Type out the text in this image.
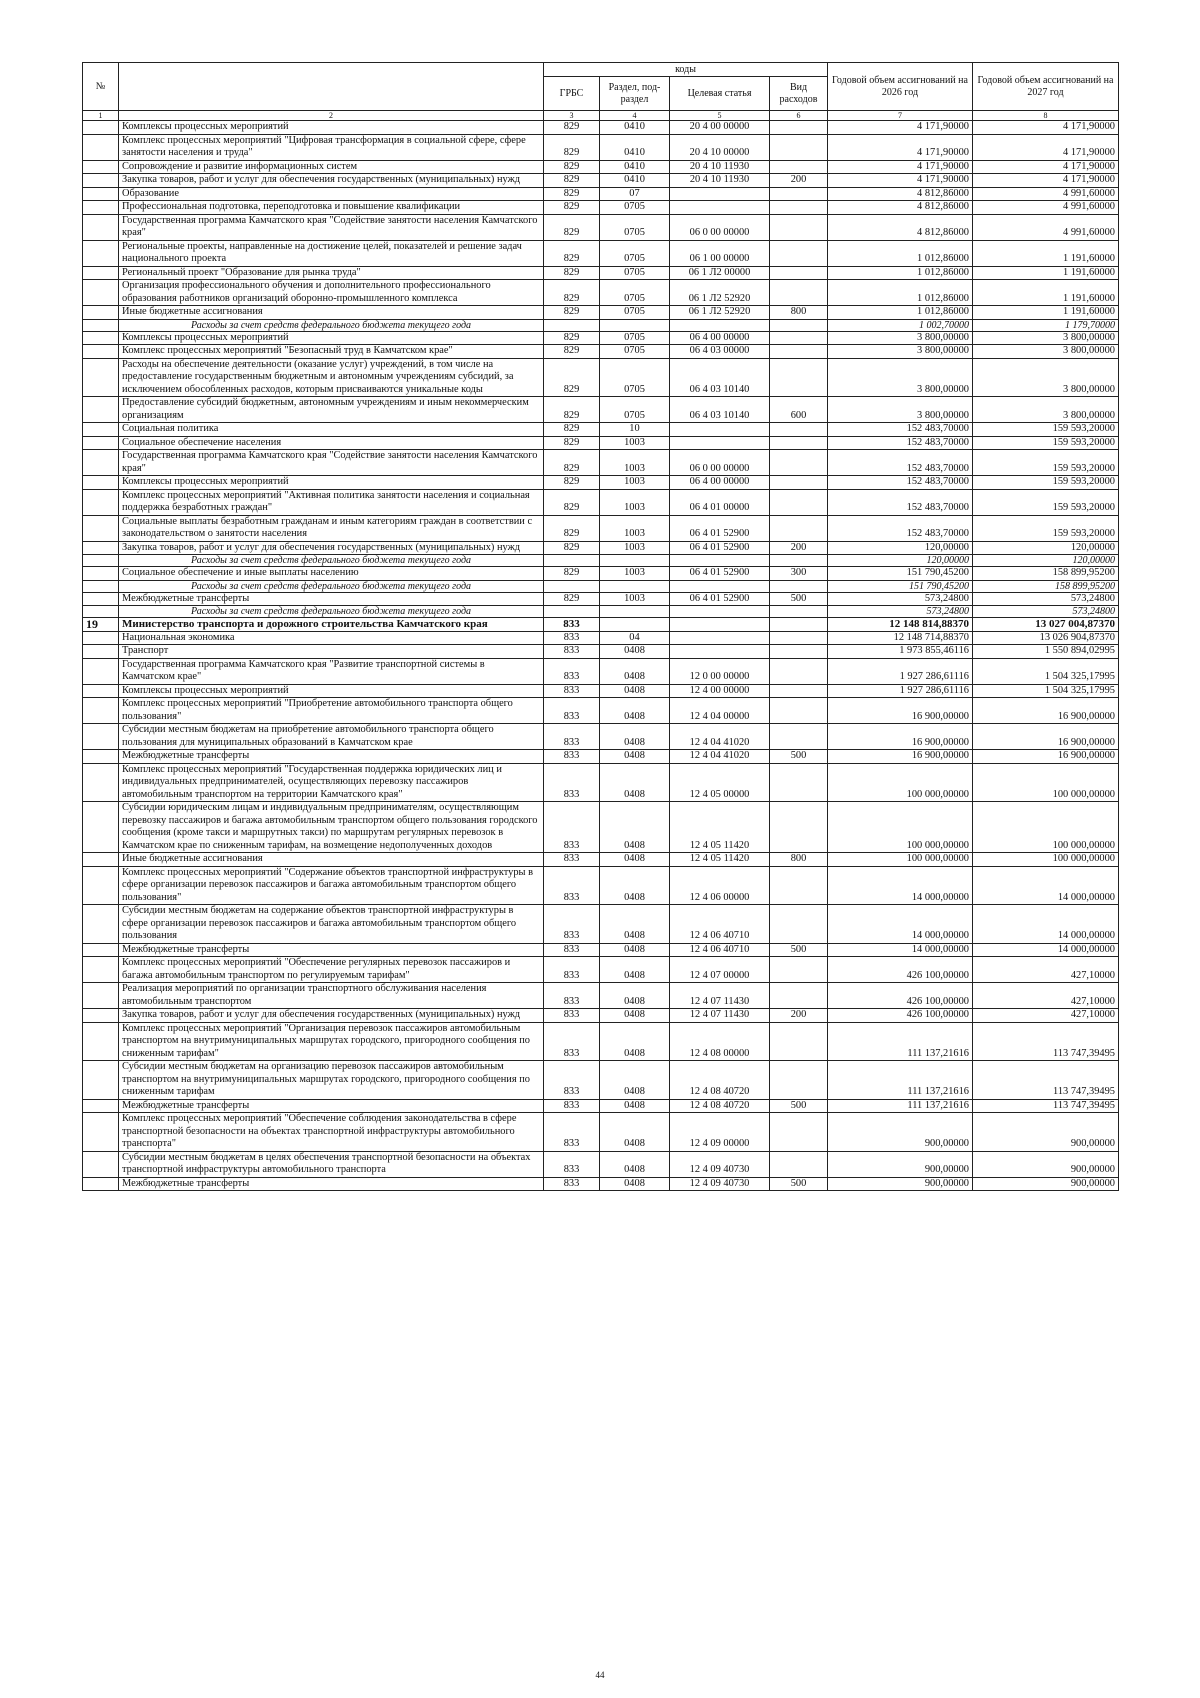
№		коды				Годовой объем ассигнований на 2026 год	Годовой объем ассигнований на 2027 год
		ГРБС	Раздел, под-раздел	Целевая статья	Вид расходов		
1	2	3	4	5	6	7	8
	Комплексы процессных мероприятий	829	0410	20 4 00 00000		4 171,90000	4 171,90000
	Комплекс процессных мероприятий "Цифровая трансформация в социальной сфере, сфере занятости населения и труда"	829	0410	20 4 10 00000		4 171,90000	4 171,90000
	Сопровождение и развитие информационных систем	829	0410	20 4 10 11930		4 171,90000	4 171,90000
	Закупка товаров, работ и услуг для обеспечения государственных (муниципальных) нужд	829	0410	20 4 10 11930	200	4 171,90000	4 171,90000
	Образование	829	07			4 812,86000	4 991,60000
	Профессиональная подготовка, переподготовка и повышение квалификации	829	0705			4 812,86000	4 991,60000
	Государственная программа Камчатского края "Содействие занятости населения Камчатского края"	829	0705	06 0 00 00000		4 812,86000	4 991,60000
	Региональные проекты, направленные на достижение целей, показателей и решение задач национального проекта	829	0705	06 1 00 00000		1 012,86000	1 191,60000
	Региональный проект "Образование для рынка труда"	829	0705	06 1 Л2 00000		1 012,86000	1 191,60000
	Организация профессионального обучения и дополнительного профессионального образования работников организаций оборонно-промышленного комплекса	829	0705	06 1 Л2 52920		1 012,86000	1 191,60000
	Иные бюджетные ассигнования	829	0705	06 1 Л2 52920	800	1 012,86000	1 191,60000
	Расходы за счет средств федерального бюджета текущего года					1 002,70000	1 179,70000
	Комплексы процессных мероприятий	829	0705	06 4 00 00000		3 800,00000	3 800,00000
	Комплекс процессных мероприятий "Безопасный труд в Камчатском крае"	829	0705	06 4 03 00000		3 800,00000	3 800,00000
	Расходы на обеспечение деятельности (оказание услуг) учреждений, в том числе на предоставление государственным бюджетным и автономным учреждениям субсидий, за исключением обособленных расходов, которым присваиваются уникальные коды	829	0705	06 4 03 10140		3 800,00000	3 800,00000
	Предоставление субсидий бюджетным, автономным учреждениям и иным некоммерческим организациям	829	0705	06 4 03 10140	600	3 800,00000	3 800,00000
	Социальная политика	829	10			152 483,70000	159 593,20000
	Социальное обеспечение населения	829	1003			152 483,70000	159 593,20000
	Государственная программа Камчатского края "Содействие занятости населения Камчатского края"	829	1003	06 0 00 00000		152 483,70000	159 593,20000
	Комплексы процессных мероприятий	829	1003	06 4 00 00000		152 483,70000	159 593,20000
	Комплекс процессных мероприятий "Активная политика занятости населения и социальная поддержка безработных граждан"	829	1003	06 4 01 00000		152 483,70000	159 593,20000
	Социальные выплаты безработным гражданам и иным категориям граждан в соответствии с законодательством о занятости населения	829	1003	06 4 01 52900		152 483,70000	159 593,20000
	Закупка товаров, работ и услуг для обеспечения государственных (муниципальных) нужд	829	1003	06 4 01 52900	200	120,00000	120,00000
	Расходы за счет средств федерального бюджета текущего года					120,00000	120,00000
	Социальное обеспечение и иные выплаты населению	829	1003	06 4 01 52900	300	151 790,45200	158 899,95200
	Расходы за счет средств федерального бюджета текущего года					151 790,45200	158 899,95200
	Межбюджетные трансферты	829	1003	06 4 01 52900	500	573,24800	573,24800
	Расходы за счет средств федерального бюджета текущего года					573,24800	573,24800
19	Министерство транспорта и дорожного строительства Камчатского края	833				12 148 814,88370	13 027 004,87370
	Национальная экономика	833	04			12 148 714,88370	13 026 904,87370
	Транспорт	833	0408			1 973 855,46116	1 550 894,02995
	Государственная программа Камчатского края "Развитие транспортной системы в Камчатском крае"	833	0408	12 0 00 00000		1 927 286,61116	1 504 325,17995
	Комплексы процессных мероприятий	833	0408	12 4 00 00000		1 927 286,61116	1 504 325,17995
	Комплекс процессных мероприятий "Приобретение автомобильного транспорта общего пользования"	833	0408	12 4 04 00000		16 900,00000	16 900,00000
	Субсидии местным бюджетам на приобретение автомобильного транспорта общего пользования для муниципальных образований в Камчатском крае	833	0408	12 4 04 41020		16 900,00000	16 900,00000
	Межбюджетные трансферты	833	0408	12 4 04 41020	500	16 900,00000	16 900,00000
	Комплекс процессных мероприятий "Государственная поддержка юридических лиц и индивидуальных предпринимателей, осуществляющих перевозку пассажиров автомобильным транспортом на территории Камчатского края"	833	0408	12 4 05 00000		100 000,00000	100 000,00000
	Субсидии юридическим лицам и индивидуальным предпринимателям, осуществляющим перевозку пассажиров и багажа автомобильным транспортом общего пользования городского сообщения (кроме такси и маршрутных такси) по маршрутам регулярных перевозок в Камчатском крае по сниженным тарифам, на возмещение недополученных доходов	833	0408	12 4 05 11420		100 000,00000	100 000,00000
	Иные бюджетные ассигнования	833	0408	12 4 05 11420	800	100 000,00000	100 000,00000
	Комплекс процессных мероприятий "Содержание объектов транспортной инфраструктуры в сфере организации перевозок пассажиров и багажа автомобильным транспортом общего пользования"	833	0408	12 4 06 00000		14 000,00000	14 000,00000
	Субсидии местным бюджетам на содержание объектов транспортной инфраструктуры в сфере организации перевозок пассажиров и багажа автомобильным транспортом общего пользования	833	0408	12 4 06 40710		14 000,00000	14 000,00000
	Межбюджетные трансферты	833	0408	12 4 06 40710	500	14 000,00000	14 000,00000
	Комплекс процессных мероприятий "Обеспечение регулярных перевозок пассажиров и багажа автомобильным транспортом по регулируемым тарифам"	833	0408	12 4 07 00000		426 100,00000	427,10000
	Реализация мероприятий по организации транспортного обслуживания населения автомобильным транспортом	833	0408	12 4 07 11430		426 100,00000	427,10000
	Закупка товаров, работ и услуг для обеспечения государственных (муниципальных) нужд	833	0408	12 4 07 11430	200	426 100,00000	427,10000
	Комплекс процессных мероприятий "Организация перевозок пассажиров автомобильным транспортом на внутримуниципальных маршрутах городского, пригородного сообщения по сниженным тарифам"	833	0408	12 4 08 00000		111 137,21616	113 747,39495
	Субсидии местным бюджетам на организацию перевозок пассажиров автомобильным транспортом на внутримуниципальных маршрутах городского, пригородного сообщения по сниженным тарифам	833	0408	12 4 08 40720		111 137,21616	113 747,39495
	Межбюджетные трансферты	833	0408	12 4 08 40720	500	111 137,21616	113 747,39495
	Комплекс процессных мероприятий "Обеспечение соблюдения законодательства в сфере транспортной безопасности на объектах транспортной инфраструктуры автомобильного транспорта"	833	0408	12 4 09 00000		900,00000	900,00000
	Субсидии местным бюджетам в целях обеспечения транспортной безопасности на объектах транспортной инфраструктуры автомобильного транспорта	833	0408	12 4 09 40730		900,00000	900,00000
	Межбюджетные трансферты	833	0408	12 4 09 40730	500	900,00000	900,00000
44
